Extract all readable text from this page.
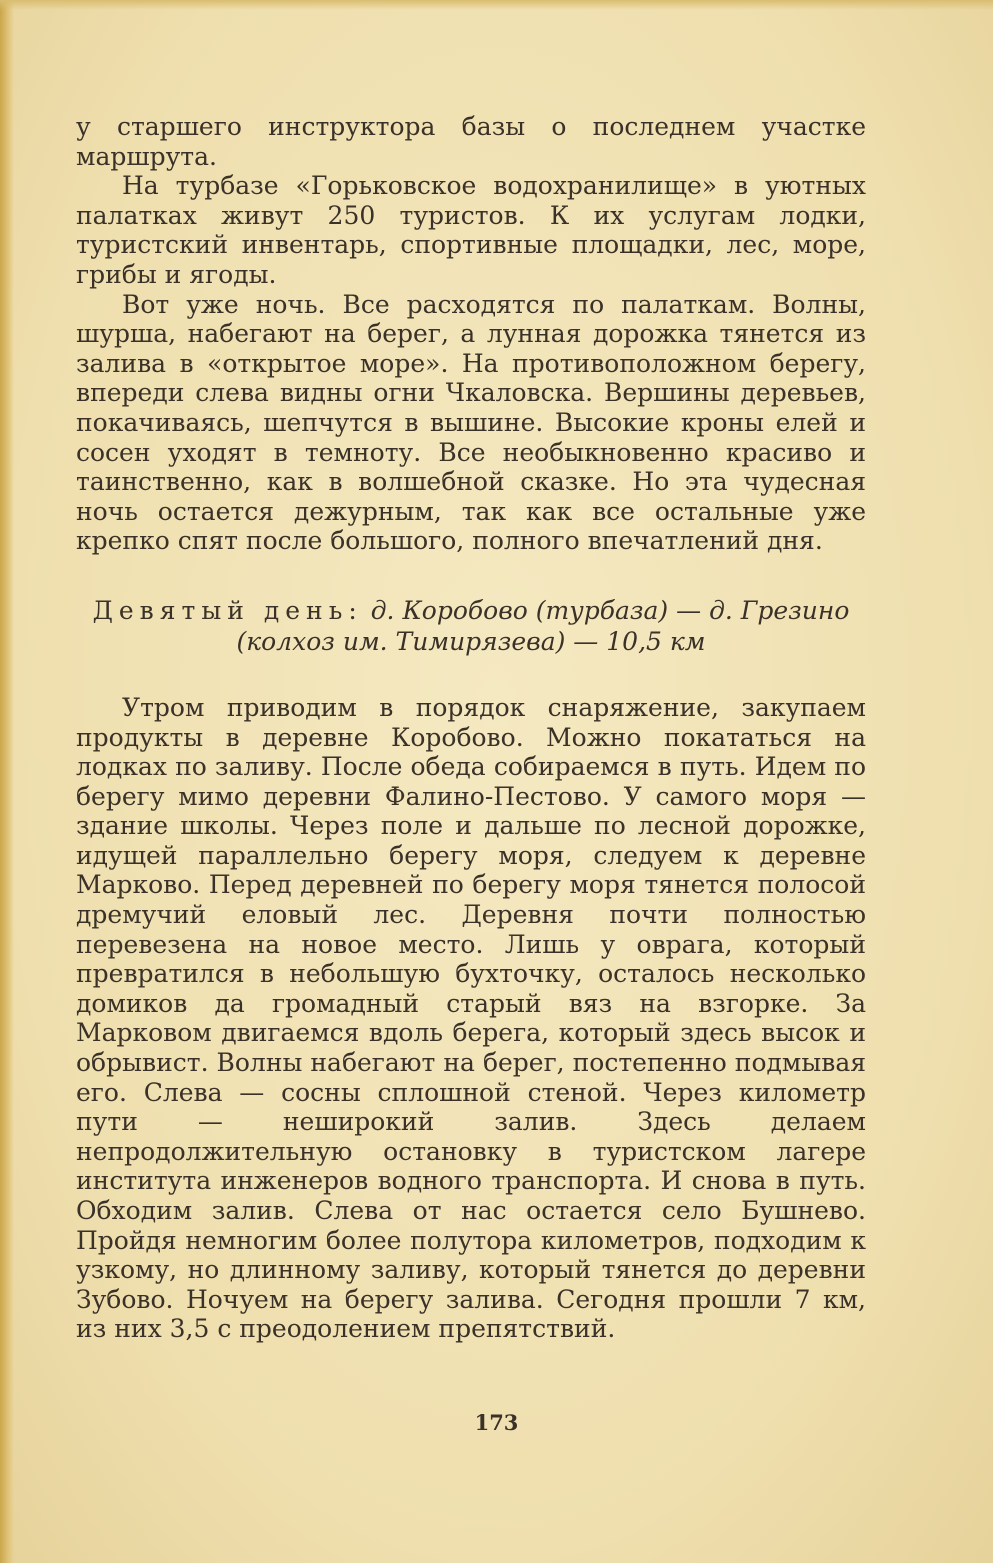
у старшего инструктора базы о последнем участке маршрута.

На турбазе «Горьковское водохранилище» в уютных палатках живут 250 туристов. К их услугам лодки, туристский инвентарь, спортивные площадки, лес, море, грибы и ягоды.

Вот уже ночь. Все расходятся по палаткам. Волны, шурша, набегают на берег, а лунная дорожка тянется из залива в «открытое море». На противоположном берегу, впереди слева видны огни Чкаловска. Вершины деревьев, покачиваясь, шепчутся в вышине. Высокие кроны елей и сосен уходят в темноту. Все необыкновенно красиво и таинственно, как в волшебной сказке. Но эта чудесная ночь остается дежурным, так как все остальные уже крепко спят после большого, полного впечатлений дня.

Девятый день: д. Коробово (турбаза) — д. Грезино (колхоз им. Тимирязева) — 10,5 км

Утром приводим в порядок снаряжение, закупаем продукты в деревне Коробово. Можно покататься на лодках по заливу. После обеда собираемся в путь. Идем по берегу мимо деревни Фалино-Пестово. У самого моря — здание школы. Через поле и дальше по лесной дорожке, идущей параллельно берегу моря, следуем к деревне Марково. Перед деревней по берегу моря тянется полосой дремучий еловый лес. Деревня почти полностью перевезена на новое место. Лишь у оврага, который превратился в небольшую бухточку, осталось несколько домиков да громадный старый вяз на взгорке. За Марковом двигаемся вдоль берега, который здесь высок и обрывист. Волны набегают на берег, постепенно подмывая его. Слева — сосны сплошной стеной. Через километр пути — неширокий залив. Здесь делаем непродолжительную остановку в туристском лагере института инженеров водного транспорта. И снова в путь. Обходим залив. Слева от нас остается село Бушнево. Пройдя немногим более полутора километров, подходим к узкому, но длинному заливу, который тянется до деревни Зубово. Ночуем на берегу залива. Сегодня прошли 7 км, из них 3,5 с преодолением препятствий.

173
